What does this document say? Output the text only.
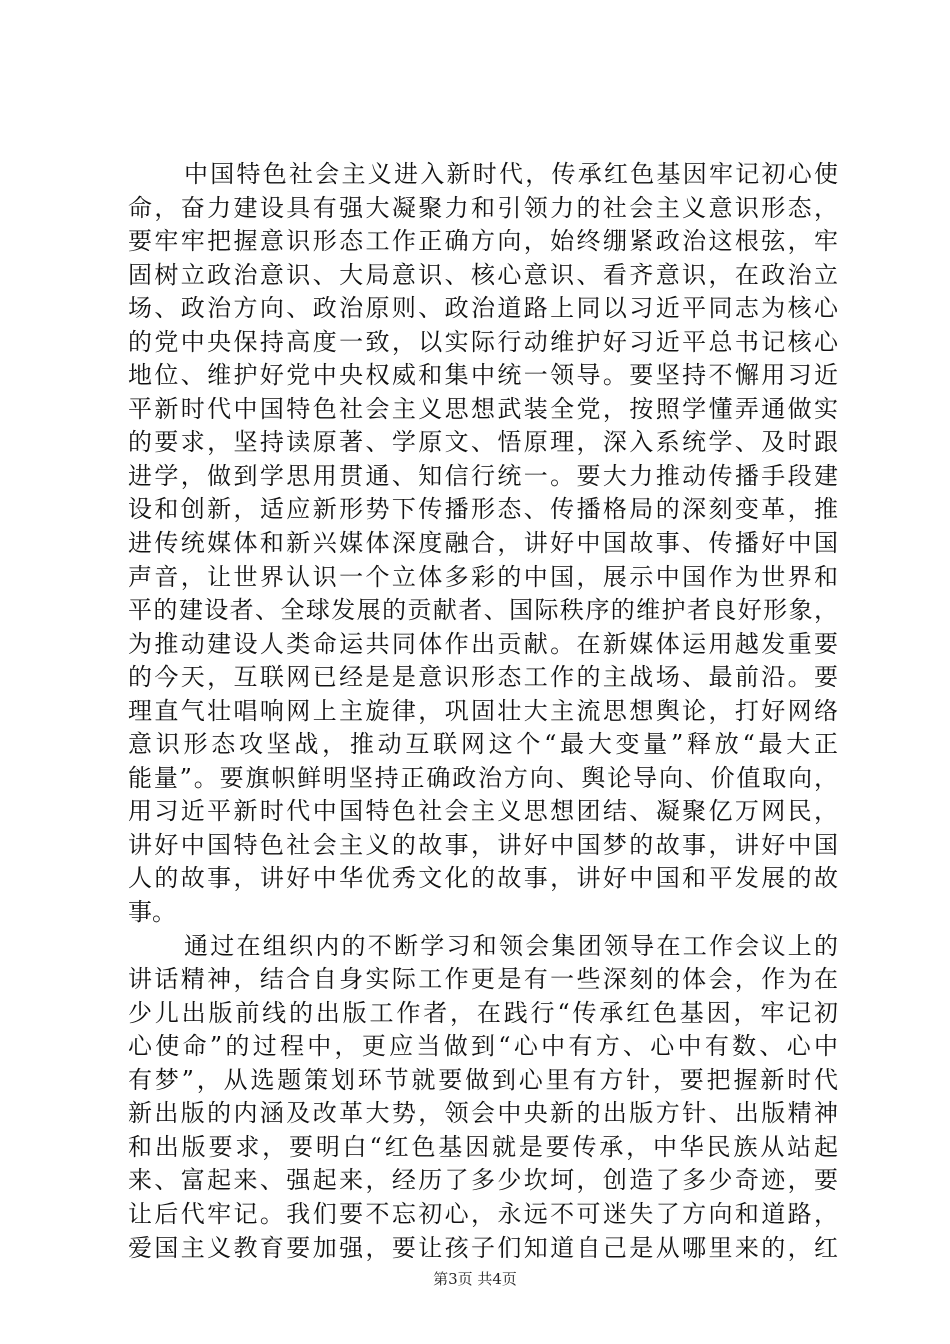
中国特色社会主义进入新时代，传承红色基因牢记初心使
命，奋力建设具有强大凝聚力和引领力的社会主义意识形态，
要牢牢把握意识形态工作正确方向，始终绷紧政治这根弦，牢
固树立政治意识、大局意识、核心意识、看齐意识，在政治立
场、政治方向、政治原则、政治道路上同以习近平同志为核心
的党中央保持高度一致，以实际行动维护好习近平总书记核心
地位、维护好党中央权威和集中统一领导。要坚持不懈用习近
平新时代中国特色社会主义思想武装全党，按照学懂弄通做实
的要求，坚持读原著、学原文、悟原理，深入系统学、及时跟
进学，做到学思用贯通、知信行统一。要大力推动传播手段建
设和创新，适应新形势下传播形态、传播格局的深刻变革，推
进传统媒体和新兴媒体深度融合，讲好中国故事、传播好中国
声音，让世界认识一个立体多彩的中国，展示中国作为世界和
平的建设者、全球发展的贡献者、国际秩序的维护者良好形象，
为推动建设人类命运共同体作出贡献。在新媒体运用越发重要
的今天，互联网已经是是意识形态工作的主战场、最前沿。要
理直气壮唱响网上主旋律，巩固壮大主流思想舆论，打好网络
意识形态攻坚战，推动互联网这个“最大变量”释放“最大正
能量”。要旗帜鲜明坚持正确政治方向、舆论导向、价值取向，
用习近平新时代中国特色社会主义思想团结、凝聚亿万网民，
讲好中国特色社会主义的故事，讲好中国梦的故事，讲好中国
人的故事，讲好中华优秀文化的故事，讲好中国和平发展的故
事。
通过在组织内的不断学习和领会集团领导在工作会议上的
讲话精神，结合自身实际工作更是有一些深刻的体会，作为在
少儿出版前线的出版工作者，在践行“传承红色基因，牢记初
心使命”的过程中，更应当做到“心中有方、心中有数、心中
有梦”，从选题策划环节就要做到心里有方针，要把握新时代
新出版的内涵及改革大势，领会中央新的出版方针、出版精神
和出版要求，要明白“红色基因就是要传承，中华民族从站起
来、富起来、强起来，经历了多少坎坷，创造了多少奇迹，要
让后代牢记。我们要不忘初心，永远不可迷失了方向和道路，
爱国主义教育要加强，要让孩子们知道自己是从哪里来的，红
第3页 共4页
